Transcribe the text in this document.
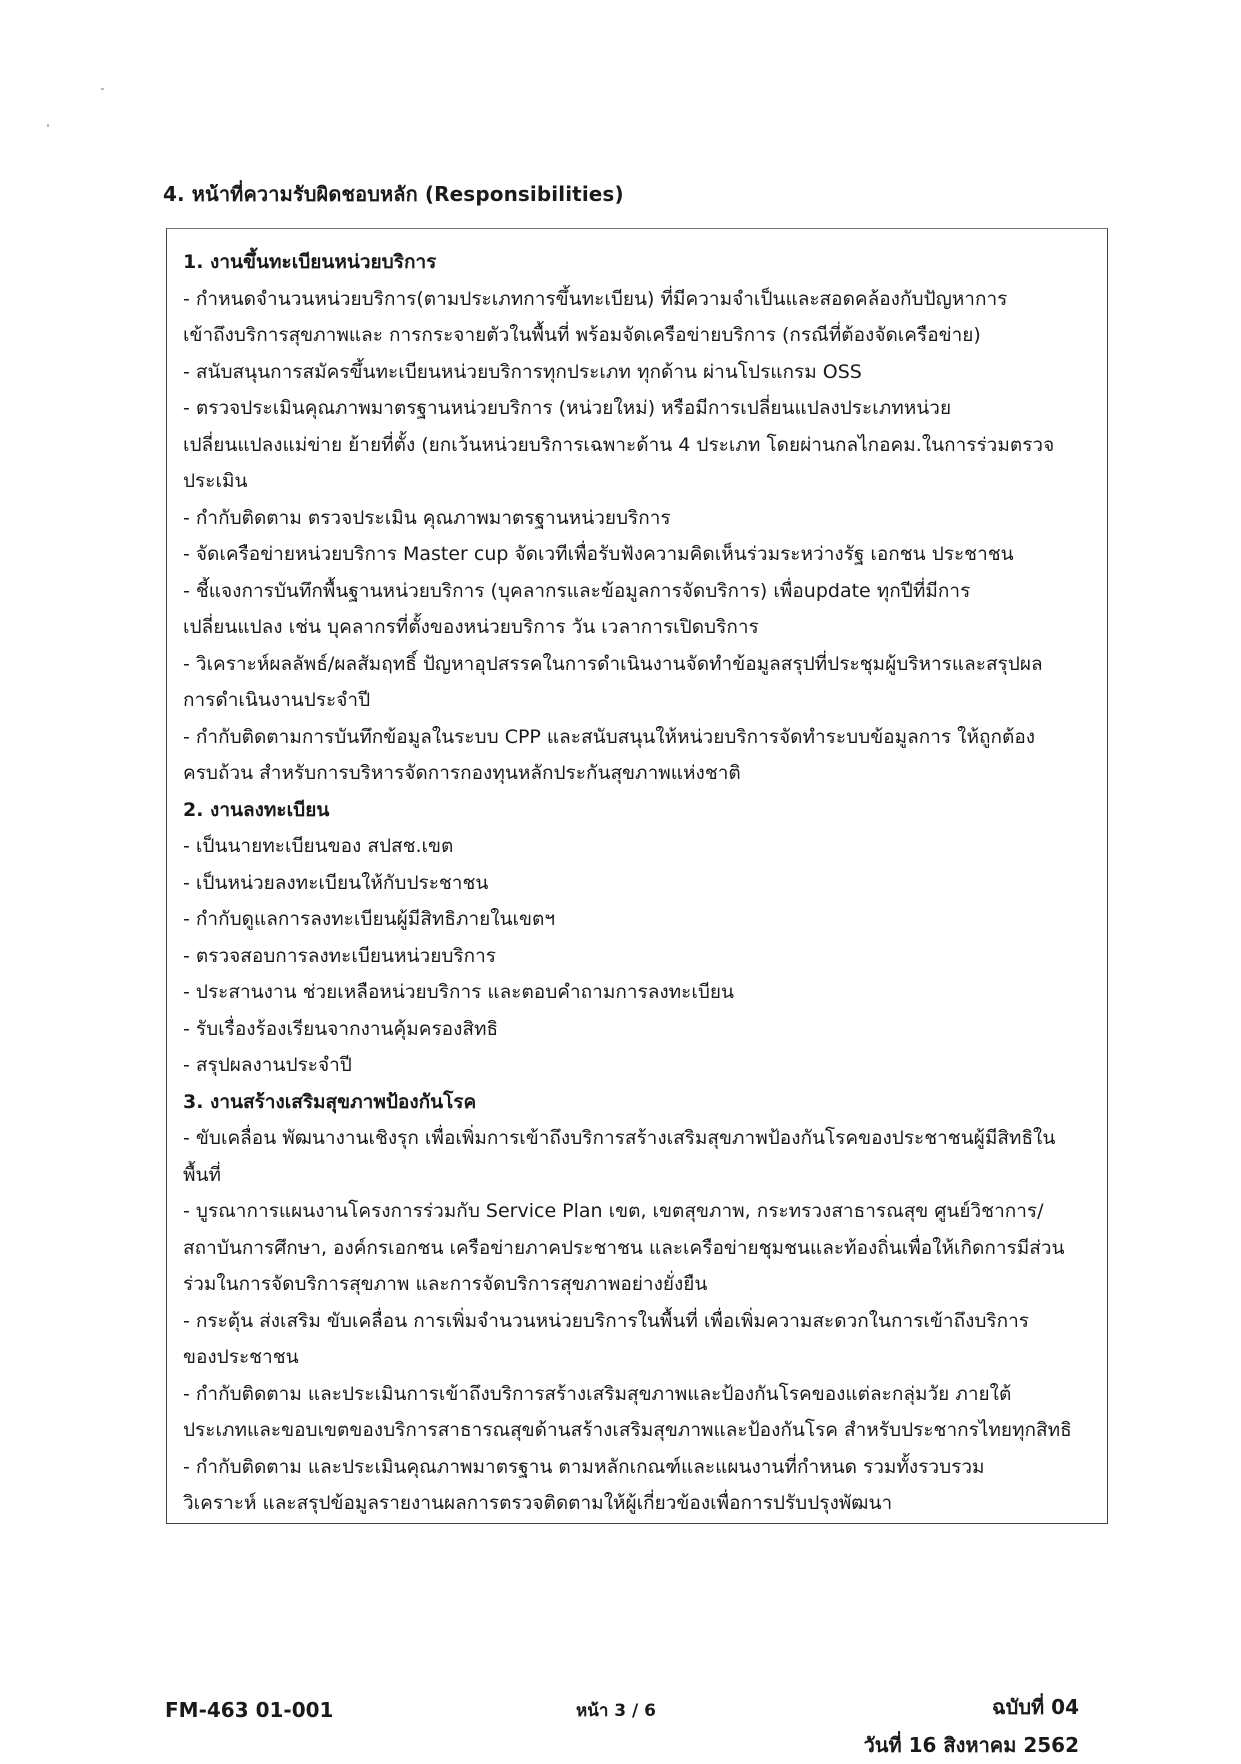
4. หน้าที่ความรับผิดชอบหลัก (Responsibilities)
1. งานขึ้นทะเบียนหน่วยบริการ
- กำหนดจำนวนหน่วยบริการ(ตามประเภทการขึ้นทะเบียน) ที่มีความจำเป็นและสอดคล้องกับปัญหาการ
เข้าถึงบริการสุขภาพและ การกระจายตัวในพื้นที่ พร้อมจัดเครือข่ายบริการ (กรณีที่ต้องจัดเครือข่าย)
- สนับสนุนการสมัครขึ้นทะเบียนหน่วยบริการทุกประเภท ทุกด้าน ผ่านโปรแกรม OSS
- ตรวจประเมินคุณภาพมาตรฐานหน่วยบริการ (หน่วยใหม่) หรือมีการเปลี่ยนแปลงประเภทหน่วย
เปลี่ยนแปลงแม่ข่าย ย้ายที่ตั้ง (ยกเว้นหน่วยบริการเฉพาะด้าน 4 ประเภท โดยผ่านกลไกอคม.ในการร่วมตรวจ
ประเมิน
- กำกับติดตาม ตรวจประเมิน คุณภาพมาตรฐานหน่วยบริการ
- จัดเครือข่ายหน่วยบริการ Master cup จัดเวทีเพื่อรับฟังความคิดเห็นร่วมระหว่างรัฐ เอกชน ประชาชน
- ชี้แจงการบันทึกพื้นฐานหน่วยบริการ (บุคลากรและข้อมูลการจัดบริการ) เพื่อupdate ทุกปีที่มีการ
เปลี่ยนแปลง เช่น บุคลากรที่ตั้งของหน่วยบริการ วัน เวลาการเปิดบริการ
- วิเคราะห์ผลลัพธ์/ผลสัมฤทธิ์ ปัญหาอุปสรรคในการดำเนินงานจัดทำข้อมูลสรุปที่ประชุมผู้บริหารและสรุปผล
การดำเนินงานประจำปี
- กำกับติดตามการบันทึกข้อมูลในระบบ CPP และสนับสนุนให้หน่วยบริการจัดทำระบบข้อมูลการ ให้ถูกต้อง
ครบถ้วน สำหรับการบริหารจัดการกองทุนหลักประกันสุขภาพแห่งชาติ
2. งานลงทะเบียน
- เป็นนายทะเบียนของ สปสช.เขต
- เป็นหน่วยลงทะเบียนให้กับประชาชน
- กำกับดูแลการลงทะเบียนผู้มีสิทธิภายในเขตฯ
- ตรวจสอบการลงทะเบียนหน่วยบริการ
- ประสานงาน ช่วยเหลือหน่วยบริการ และตอบคำถามการลงทะเบียน
- รับเรื่องร้องเรียนจากงานคุ้มครองสิทธิ
- สรุปผลงานประจำปี
3. งานสร้างเสริมสุขภาพป้องกันโรค
- ขับเคลื่อน พัฒนางานเชิงรุก เพื่อเพิ่มการเข้าถึงบริการสร้างเสริมสุขภาพป้องกันโรคของประชาชนผู้มีสิทธิใน
พื้นที่
- บูรณาการแผนงานโครงการร่วมกับ Service Plan เขต, เขตสุขภาพ, กระทรวงสาธารณสุข ศูนย์วิชาการ/
สถาบันการศึกษา, องค์กรเอกชน เครือข่ายภาคประชาชน และเครือข่ายชุมชนและท้องถิ่นเพื่อให้เกิดการมีส่วน
ร่วมในการจัดบริการสุขภาพ และการจัดบริการสุขภาพอย่างยั่งยืน
- กระตุ้น ส่งเสริม ขับเคลื่อน การเพิ่มจำนวนหน่วยบริการในพื้นที่ เพื่อเพิ่มความสะดวกในการเข้าถึงบริการ
ของประชาชน
- กำกับติดตาม และประเมินการเข้าถึงบริการสร้างเสริมสุขภาพและป้องกันโรคของแต่ละกลุ่มวัย ภายใต้
ประเภทและขอบเขตของบริการสาธารณสุขด้านสร้างเสริมสุขภาพและป้องกันโรค สำหรับประชากรไทยทุกสิทธิ
- กำกับติดตาม และประเมินคุณภาพมาตรฐาน ตามหลักเกณฑ์และแผนงานที่กำหนด รวมทั้งรวบรวม
วิเคราะห์ และสรุปข้อมูลรายงานผลการตรวจติดตามให้ผู้เกี่ยวข้องเพื่อการปรับปรุงพัฒนา
FM-463 01-001	หน้า 3 / 6	ฉบับที่ 04
วันที่ 16 สิงหาคม 2562
